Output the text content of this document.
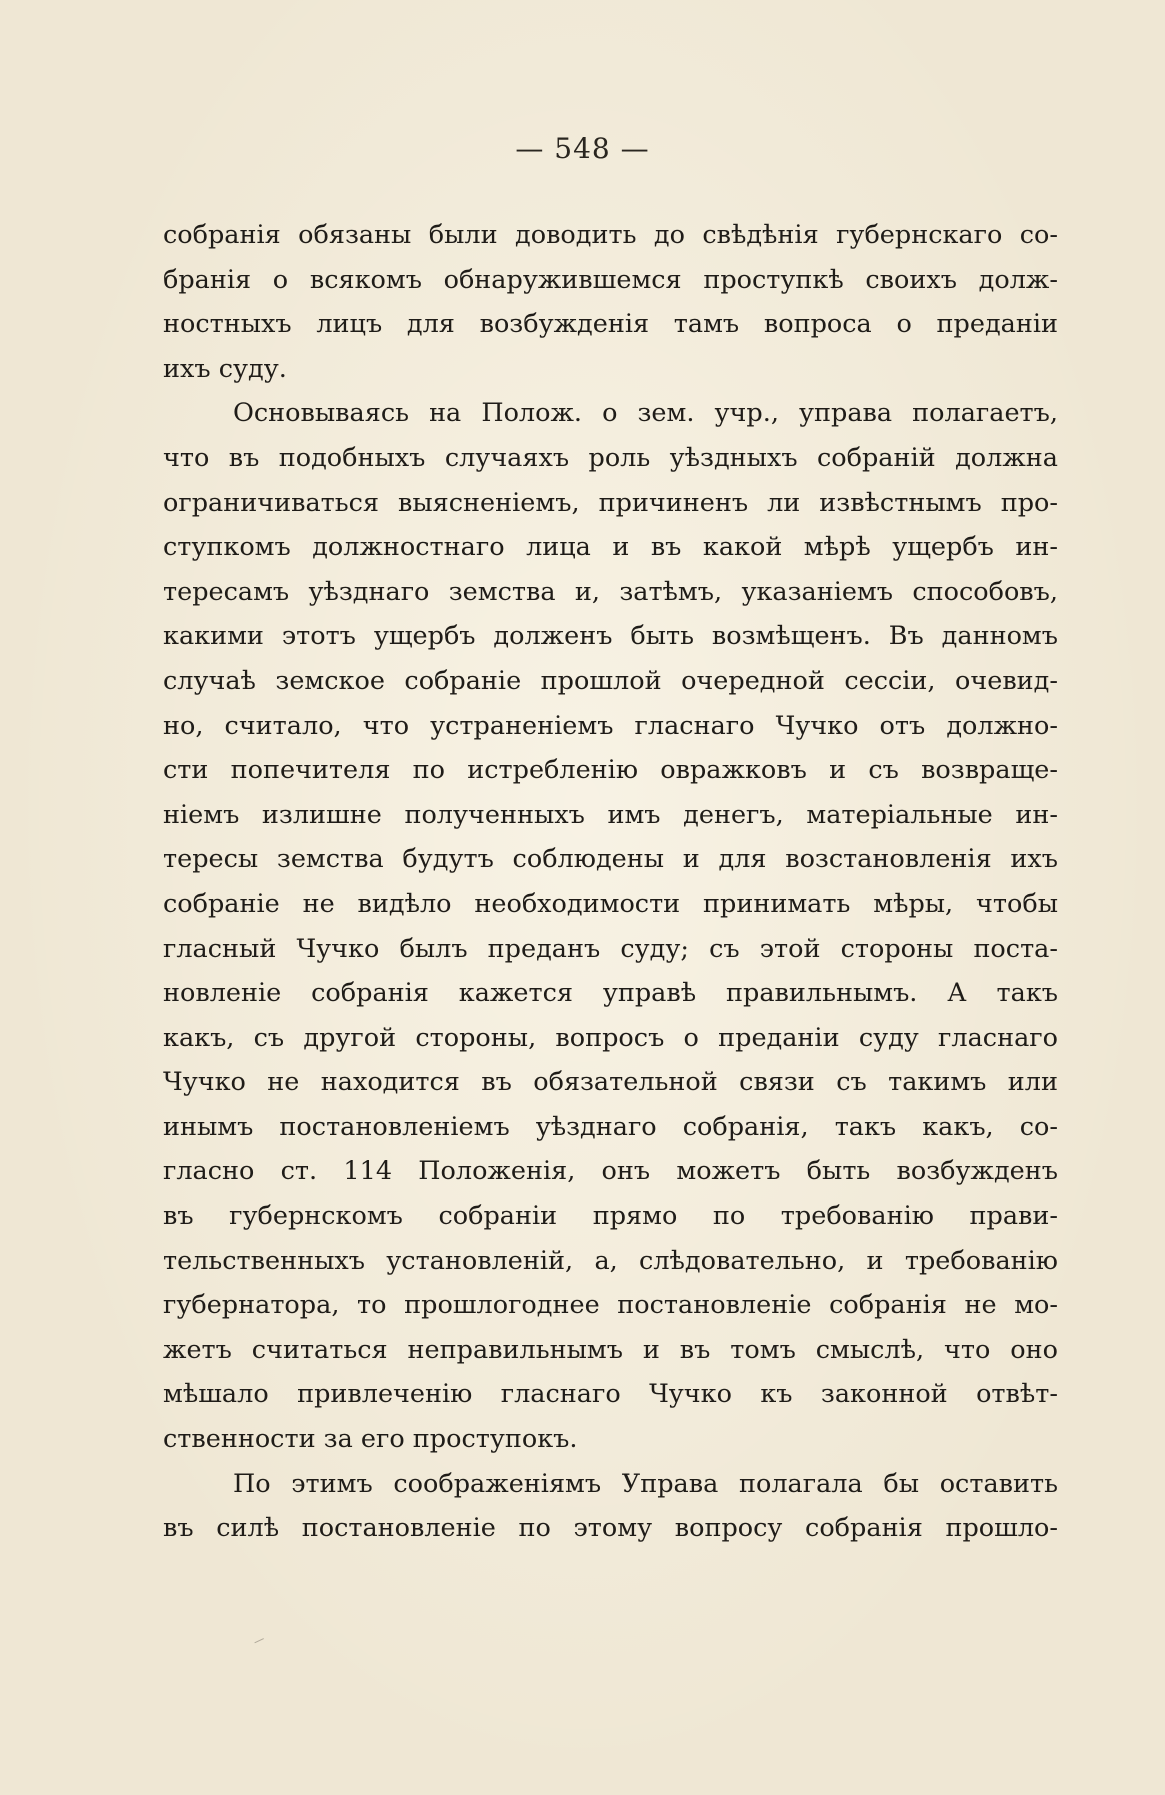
— 548 —
собранія обязаны были доводить до свѣдѣнія губернскаго со-
бранія о всякомъ обнаружившемся проступкѣ своихъ долж-
ностныхъ лицъ для возбужденія тамъ вопроса о преданіи
ихъ суду.
Основываясь на Полож. о зем. учр., управа полагаетъ,
что въ подобныхъ случаяхъ роль уѣздныхъ собраній должна
ограничиваться выясненіемъ, причиненъ ли извѣстнымъ про-
ступкомъ должностнаго лица и въ какой мѣрѣ ущербъ ин-
тересамъ уѣзднаго земства и, затѣмъ, указаніемъ способовъ,
какими этотъ ущербъ долженъ быть возмѣщенъ. Въ данномъ
случаѣ земское собраніе прошлой очередной сессіи, очевид-
но, считало, что устраненіемъ гласнаго Чучко отъ должно-
сти попечителя по истребленію овражковъ и съ возвраще-
ніемъ излишне полученныхъ имъ денегъ, матеріальные ин-
тересы земства будутъ соблюдены и для возстановленія ихъ
собраніе не видѣло необходимости принимать мѣры, чтобы
гласный Чучко былъ преданъ суду; съ этой стороны поста-
новленіе собранія кажется управѣ правильнымъ. А такъ
какъ, съ другой стороны, вопросъ о преданіи суду гласнаго
Чучко не находится въ обязательной связи съ такимъ или
инымъ постановленіемъ уѣзднаго собранія, такъ какъ, со-
гласно ст. 114 Положенія, онъ можетъ быть возбужденъ
въ губернскомъ собраніи прямо по требованію прави-
тельственныхъ установленій, а, слѣдовательно, и требованію
губернатора, то прошлогоднее постановленіе собранія не мо-
жетъ считаться неправильнымъ и въ томъ смыслѣ, что оно
мѣшало привлеченію гласнаго Чучко къ законной отвѣт-
ственности за его проступокъ.
По этимъ соображеніямъ Управа полагала бы оставить
въ силѣ постановленіе по этому вопросу собранія прошло-
